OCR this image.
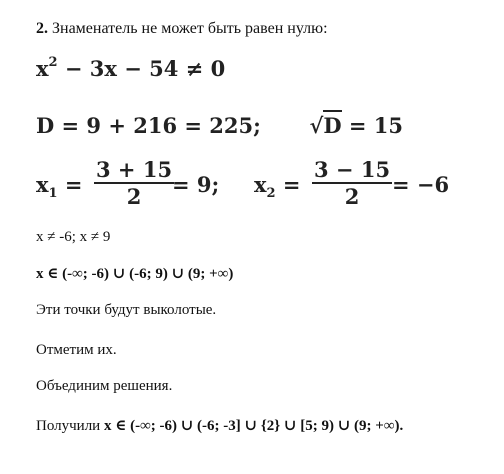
2. Знаменатель не может быть равен нулю:
$x^2 - 3x - 54 \ne 0$
D = 9 + 216 = 225; √D = 15
$x_1 = \frac{3 + 15}{2}$
= 9; $x_2 = \frac{3 - 15}{2} = -6$
x ≠ -6; x ≠ 9
x ∈ (-∞; -6) ∪ (-6; 9) ∪ (9; +∞)
Эти точки будут выколотые.
Отметим их.
Объединим решения.
Получили x ∈ (-∞; -6) ∪ (-6; -3] ∪ {2} ∪ [5; 9) ∪ (9; +∞).
